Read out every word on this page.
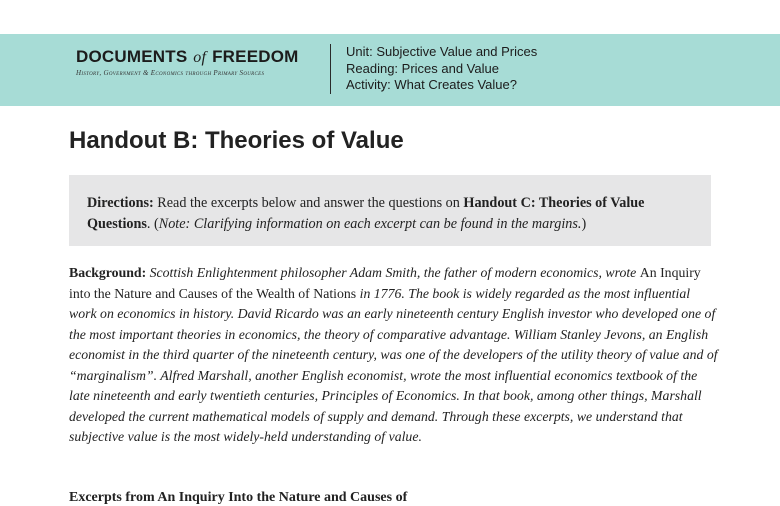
DOCUMENTS of FREEDOM
History, Government & Economics through Primary Sources
Unit: Subjective Value and Prices
Reading: Prices and Value
Activity: What Creates Value?
Handout B: Theories of Value
Directions: Read the excerpts below and answer the questions on Handout C: Theories of Value Questions. (Note: Clarifying information on each excerpt can be found in the margins.)
Background: Scottish Enlightenment philosopher Adam Smith, the father of modern economics, wrote An Inquiry into the Nature and Causes of the Wealth of Nations in 1776. The book is widely regarded as the most influential work on economics in history. David Ricardo was an early nineteenth century English investor who developed one of the most important theories in economics, the theory of comparative advantage. William Stanley Jevons, an English economist in the third quarter of the nineteenth century, was one of the developers of the utility theory of value and of “marginalism”. Alfred Marshall, another English economist, wrote the most influential economics textbook of the late nineteenth and early twentieth centuries, Principles of Economics. In that book, among other things, Marshall developed the current mathematical models of supply and demand. Through these excerpts, we understand that subjective value is the most widely-held understanding of value.
Excerpts from An Inquiry Into the Nature and Causes of
